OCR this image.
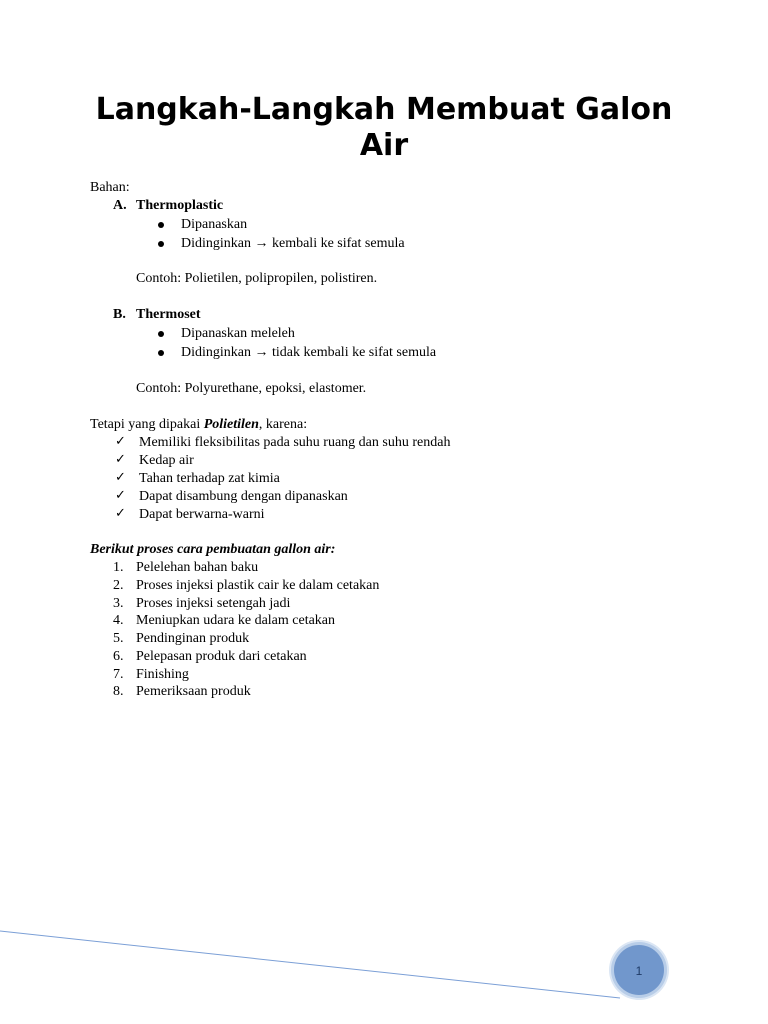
Langkah-Langkah Membuat Galon Air
Bahan:
A. Thermoplastic
Dipanaskan
Didinginkan → kembali ke sifat semula
Contoh: Polietilen, polipropilen, polistiren.
B. Thermoset
Dipanaskan meleleh
Didinginkan → tidak kembali ke sifat semula
Contoh: Polyurethane, epoksi, elastomer.
Tetapi yang dipakai Polietilen, karena:
✓ Memiliki fleksibilitas pada suhu ruang dan suhu rendah
✓ Kedap air
✓ Tahan terhadap zat kimia
✓ Dapat disambung dengan dipanaskan
✓ Dapat berwarna-warni
Berikut proses cara pembuatan gallon air:
1. Pelelehan bahan baku
2. Proses injeksi plastik cair ke dalam cetakan
3. Proses injeksi setengah jadi
4. Meniupkan udara ke dalam cetakan
5. Pendinginan produk
6. Pelepasan produk dari cetakan
7. Finishing
8. Pemeriksaan produk
1
